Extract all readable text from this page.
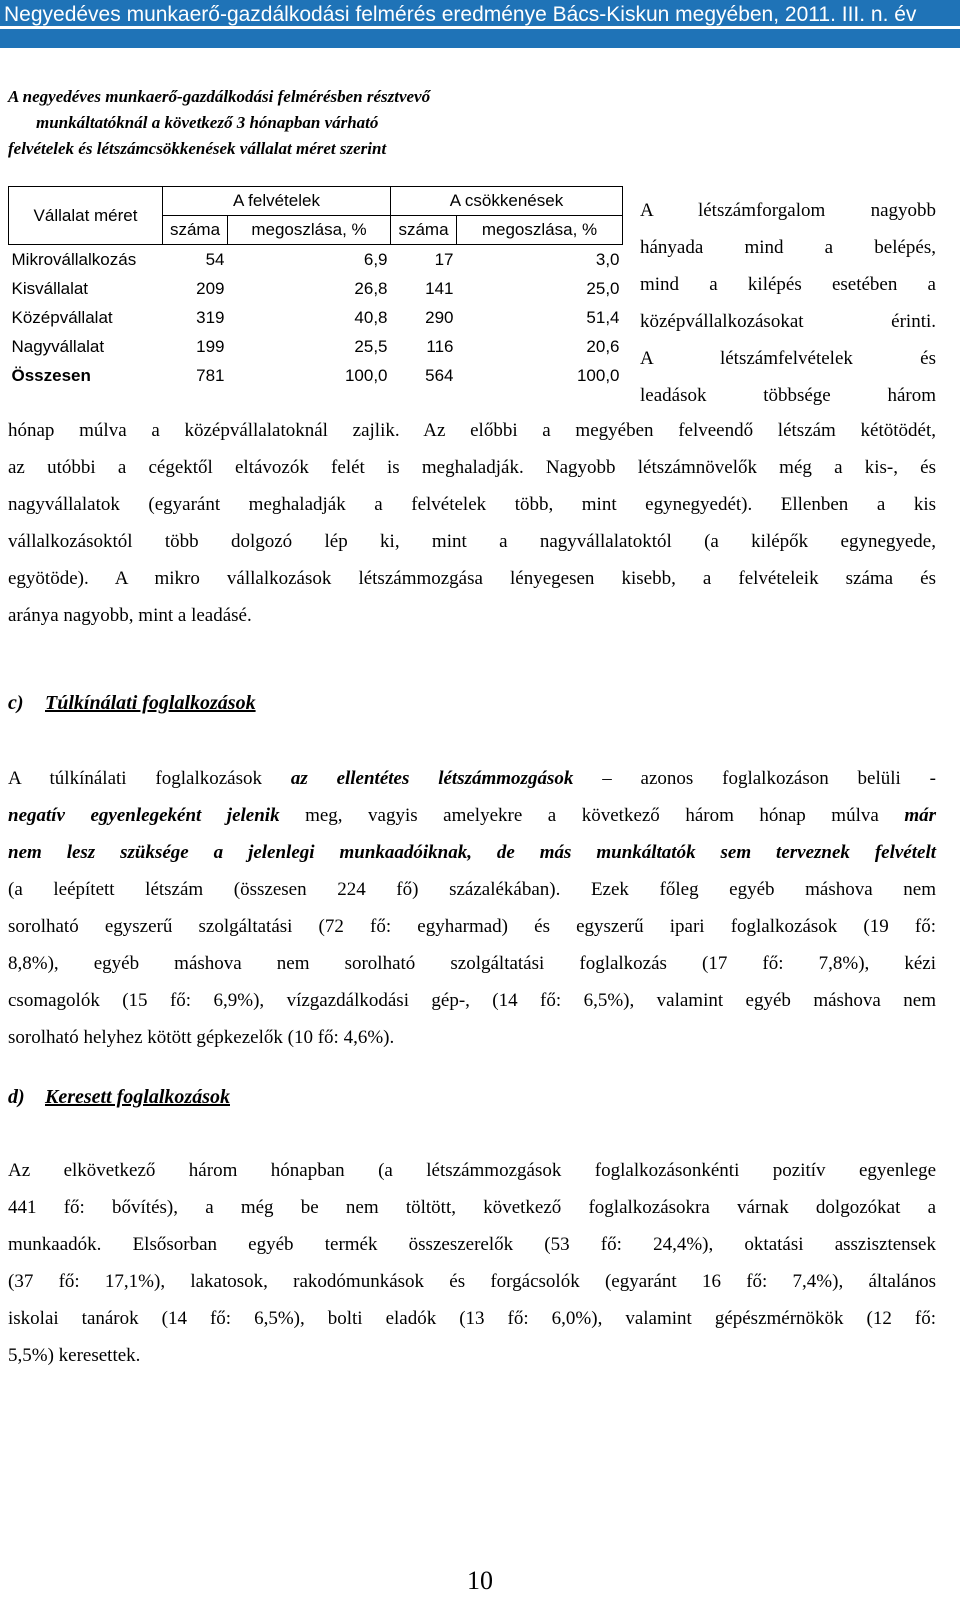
Negyedéves munkaerő-gazdálkodási felmérés eredménye Bács-Kiskun megyében, 2011. III. n. év
A negyedéves munkaerő-gazdálkodási felmérésben résztvevő
munkáltatóknál a következő 3 hónapban várható
felvételek és létszámcsökkenések vállalat méret szerint
Vállalat méret	A felvételek		A csökkenések	
	száma	megoszlása, %	száma	megoszlása, %
Mikrovállalkozás	54	6,9	17	3,0
Kisvállalat	209	26,8	141	25,0
Középvállalat	319	40,8	290	51,4
Nagyvállalat	199	25,5	116	20,6
Összesen	781	100,0	564	100,0
A létszámforgalom nagyobb
hányada mind a belépés,
mind a kilépés esetében a
középvállalkozásokat érinti.
A létszámfelvételek és
leadások többsége három
hónap múlva a középvállalatoknál zajlik. Az előbbi a megyében felveendő létszám kétötödét,
az utóbbi a cégektől eltávozók felét is meghaladják. Nagyobb létszámnövelők még a kis-, és
nagyvállalatok (egyaránt meghaladják a felvételek több, mint egynegyedét). Ellenben a kis
vállalkozásoktól több dolgozó lép ki, mint a nagyvállalatoktól (a kilépők egynegyede,
egyötöde). A mikro vállalkozások létszámmozgása lényegesen kisebb, a felvételeik száma és
aránya nagyobb, mint a leadásé.
c) Túlkínálati foglalkozások
A túlkínálati foglalkozások az ellentétes létszámmozgások – azonos foglalkozáson belüli -
negatív egyenlegeként jelenik meg, vagyis amelyekre a következő három hónap múlva már
nem lesz szüksége a jelenlegi munkaadóiknak, de más munkáltatók sem terveznek felvételt
(a leépített létszám (összesen 224 fő) százalékában). Ezek főleg egyéb máshova nem
sorolható egyszerű szolgáltatási (72 fő: egyharmad) és egyszerű ipari foglalkozások (19 fő:
8,8%), egyéb máshova nem sorolható szolgáltatási foglalkozás (17 fő: 7,8%), kézi
csomagolók (15 fő: 6,9%), vízgazdálkodási gép-, (14 fő: 6,5%), valamint egyéb máshova nem
sorolható helyhez kötött gépkezelők (10 fő: 4,6%).
d) Keresett foglalkozások
Az elkövetkező három hónapban (a létszámmozgások foglalkozásonkénti pozitív egyenlege
441 fő: bővítés), a még be nem töltött, következő foglalkozásokra várnak dolgozókat a
munkaadók. Elsősorban egyéb termék összeszerelők (53 fő: 24,4%), oktatási asszisztensek
(37 fő: 17,1%), lakatosok, rakodómunkások és forgácsolók (egyaránt 16 fő: 7,4%), általános
iskolai tanárok (14 fő: 6,5%), bolti eladók (13 fő: 6,0%), valamint gépészmérnökök (12 fő:
5,5%) keresettek.
10
